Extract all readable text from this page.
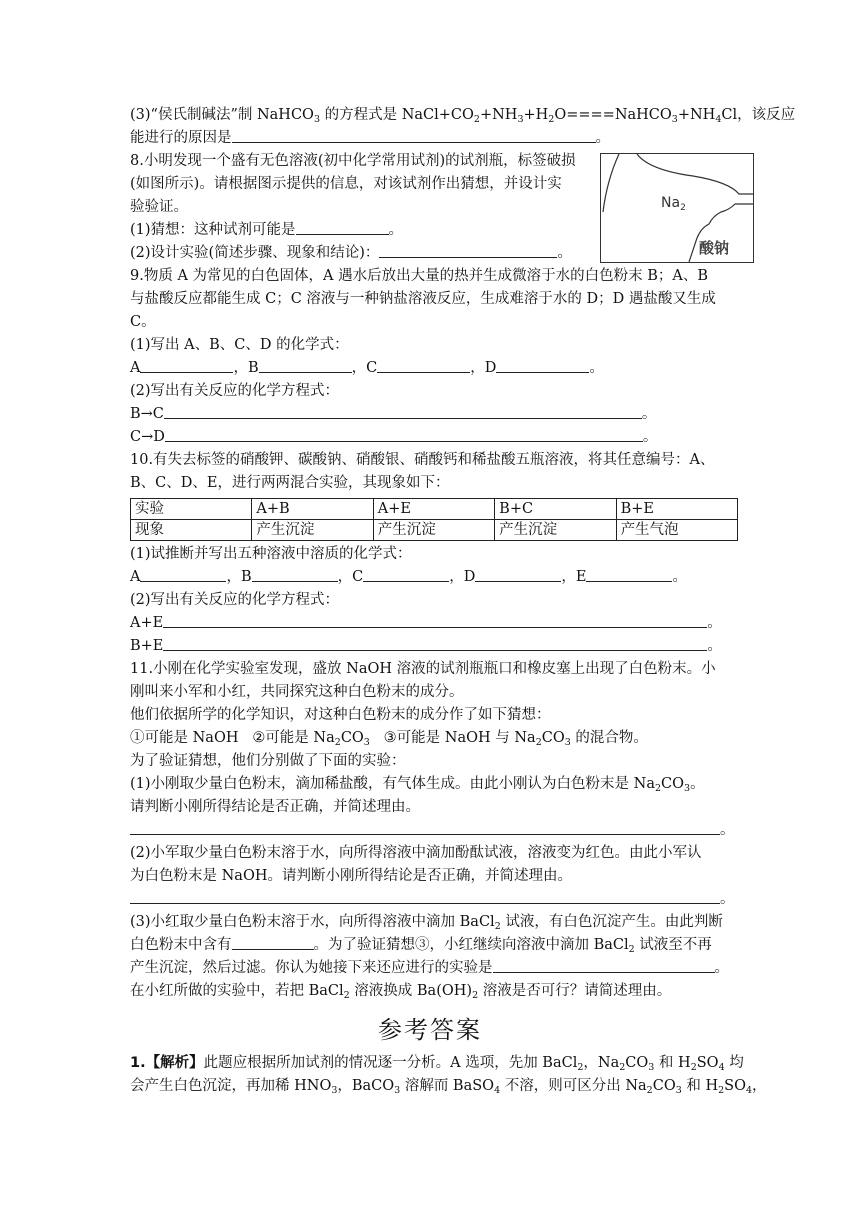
(3)“侯氏制碱法”制 NaHCO$_3$ 的方程式是 $NaCl+CO_2+NH_3+H_2O====NaHCO_3+NH_4Cl$，该反应
能进行的原因是	。
8.小明发现一个盛有无色溶液(初中化学常用试剂)的试剂瓶，标签破损
(如图所示)。请根据图示提供的信息，对该试剂作出猜想，并设计实
验验证。
(1)猜想：这种试剂可能是	。
(2)设计实验(简述步骤、现象和结论)：	。
9.物质 A 为常见的白色固体，A 遇水后放出大量的热并生成微溶于水的白色粉末 B；A、B
与盐酸反应都能生成 C；C 溶液与一种钠盐溶液反应，生成难溶于水的 D；D 遇盐酸又生成
C。
(1)写出 A、B、C、D 的化学式：
A	，B	，C	，D	。
(2)写出有关反应的化学方程式：
B→C	。
C→D	。
10.有失去标签的硝酸钾、碳酸钠、硝酸银、硝酸钙和稀盐酸五瓶溶液，将其任意编号：A、
B、C、D、E，进行两两混合实验，其现象如下：
实验	A+B	A+E	B+C	B+E
现象	产生沉淀	产生沉淀	产生沉淀	产生气泡
(1)试推断并写出五种溶液中溶质的化学式：
A	，B	，C	，D	，E	。
(2)写出有关反应的化学方程式：
A+E	。
B+E	。
11.小刚在化学实验室发现，盛放 NaOH 溶液的试剂瓶瓶口和橡皮塞上出现了白色粉末。小
刚叫来小军和小红，共同探究这种白色粉末的成分。
他们依据所学的化学知识，对这种白色粉末的成分作了如下猜想：
①可能是 NaOH ②可能是 $Na_2CO_3$ ③可能是 NaOH 与 $Na_2CO_3$ 的混合物。
为了验证猜想，他们分别做了下面的实验：
(1)小刚取少量白色粉末，滴加稀盐酸，有气体生成。由此小刚认为白色粉末是 $Na_2CO_3$。
请判断小刚所得结论是否正确，并简述理由。
。
(2)小军取少量白色粉末溶于水，向所得溶液中滴加酚酞试液，溶液变为红色。由此小军认
为白色粉末是 NaOH。请判断小刚所得结论是否正确，并简述理由。
。
(3)小红取少量白色粉末溶于水，向所得溶液中滴加 BaCl$_2$ 试液，有白色沉淀产生。由此判断
白色粉末中含有	。为了验证猜想③，小红继续向溶液中滴加 BaCl$_2$ 试液至不再
产生沉淀，然后过滤。你认为她接下来还应进行的实验是	。
在小红所做的实验中，若把 BaCl$_2$ 溶液换成 $Ba(OH)_2$ 溶液是否可行？请简述理由。
$Na_2$
酸钠
参考答案
1.【解析】此题应根据所加试剂的情况逐一分析。A 选项，先加 BaCl$_2$，$Na_2CO_3$ 和 $H_2SO_4$ 均
会产生白色沉淀，再加稀 $HNO_3$，BaCO$_3$ 溶解而 BaSO$_4$ 不溶，则可区分出 $Na_2CO_3$ 和 $H_2SO_4$，
